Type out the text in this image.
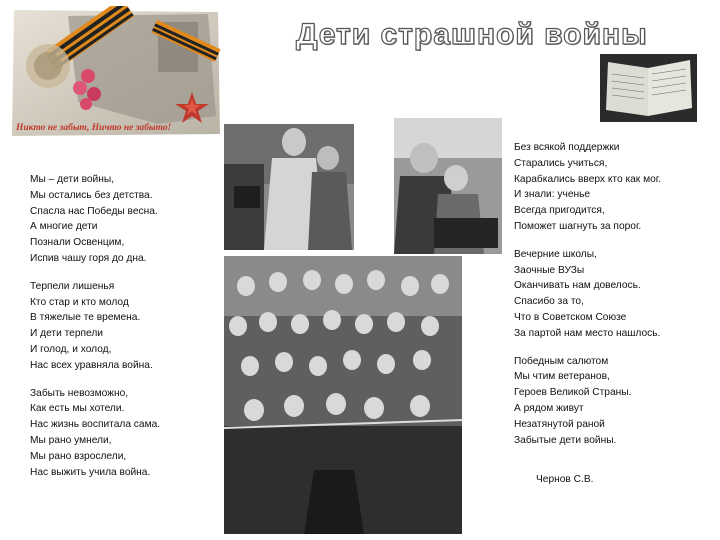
Никто не забыт, Ничто не забыто!
Дети страшной войны
Мы – дети войны,
Мы остались без детства.
Спасла нас Победы весна.
А многие дети
Познали Освенцим,
Испив чашу горя до дна.
Терпели лишенья
Кто стар и кто молод
В тяжелые те времена.
И дети терпели
И голод, и холод,
Нас всех уравняла война.
Забыть невозможно,
Как есть мы хотели.
Нас жизнь воспитала сама.
Мы рано умнели,
Мы рано взрослели,
Нас выжить учила война.
Без всякой поддержки
Старались учиться,
Карабкались вверх кто как мог.
И знали: ученье
Всегда пригодится,
Поможет шагнуть за порог.
Вечерние школы,
Заочные ВУЗы
Оканчивать нам довелось.
Спасибо за то,
Что в Советском Союзе
За партой нам место нашлось.
Победным салютом
Мы чтим ветеранов,
Героев Великой Страны.
А рядом живут
Незатянутой раной
Забытые дети войны.
Чернов С.В.
